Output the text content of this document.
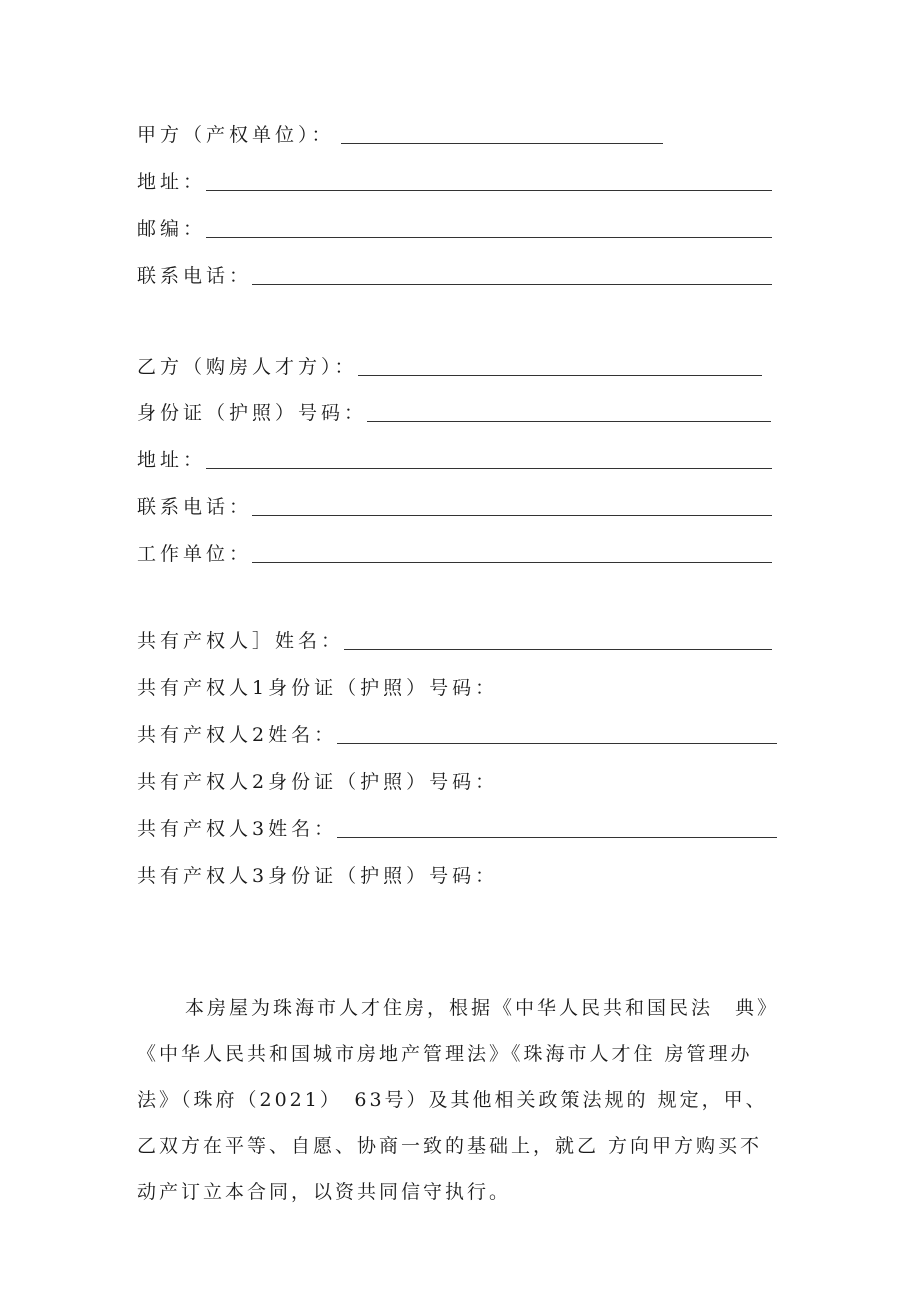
甲方（产权单位）：
地址：
邮编：
联系电话：
乙方（购房人才方）：
身份证（护照）号码：
地址：
联系电话：
工作单位：
共有产权人］姓名：
共有产权人1身份证（护照）号码：
共有产权人2姓名：
共有产权人2身份证（护照）号码：
共有产权人3姓名：
共有产权人3身份证（护照）号码：
本房屋为珠海市人才住房，根据《中华人民共和国民法　典》
《中华人民共和国城市房地产管理法》《珠海市人才住 房管理办
法》（珠府（2021）　63号）及其他相关政策法规的 规定，甲、
乙双方在平等、自愿、协商一致的基础上，就乙 方向甲方购买不
动产订立本合同，以资共同信守执行。
